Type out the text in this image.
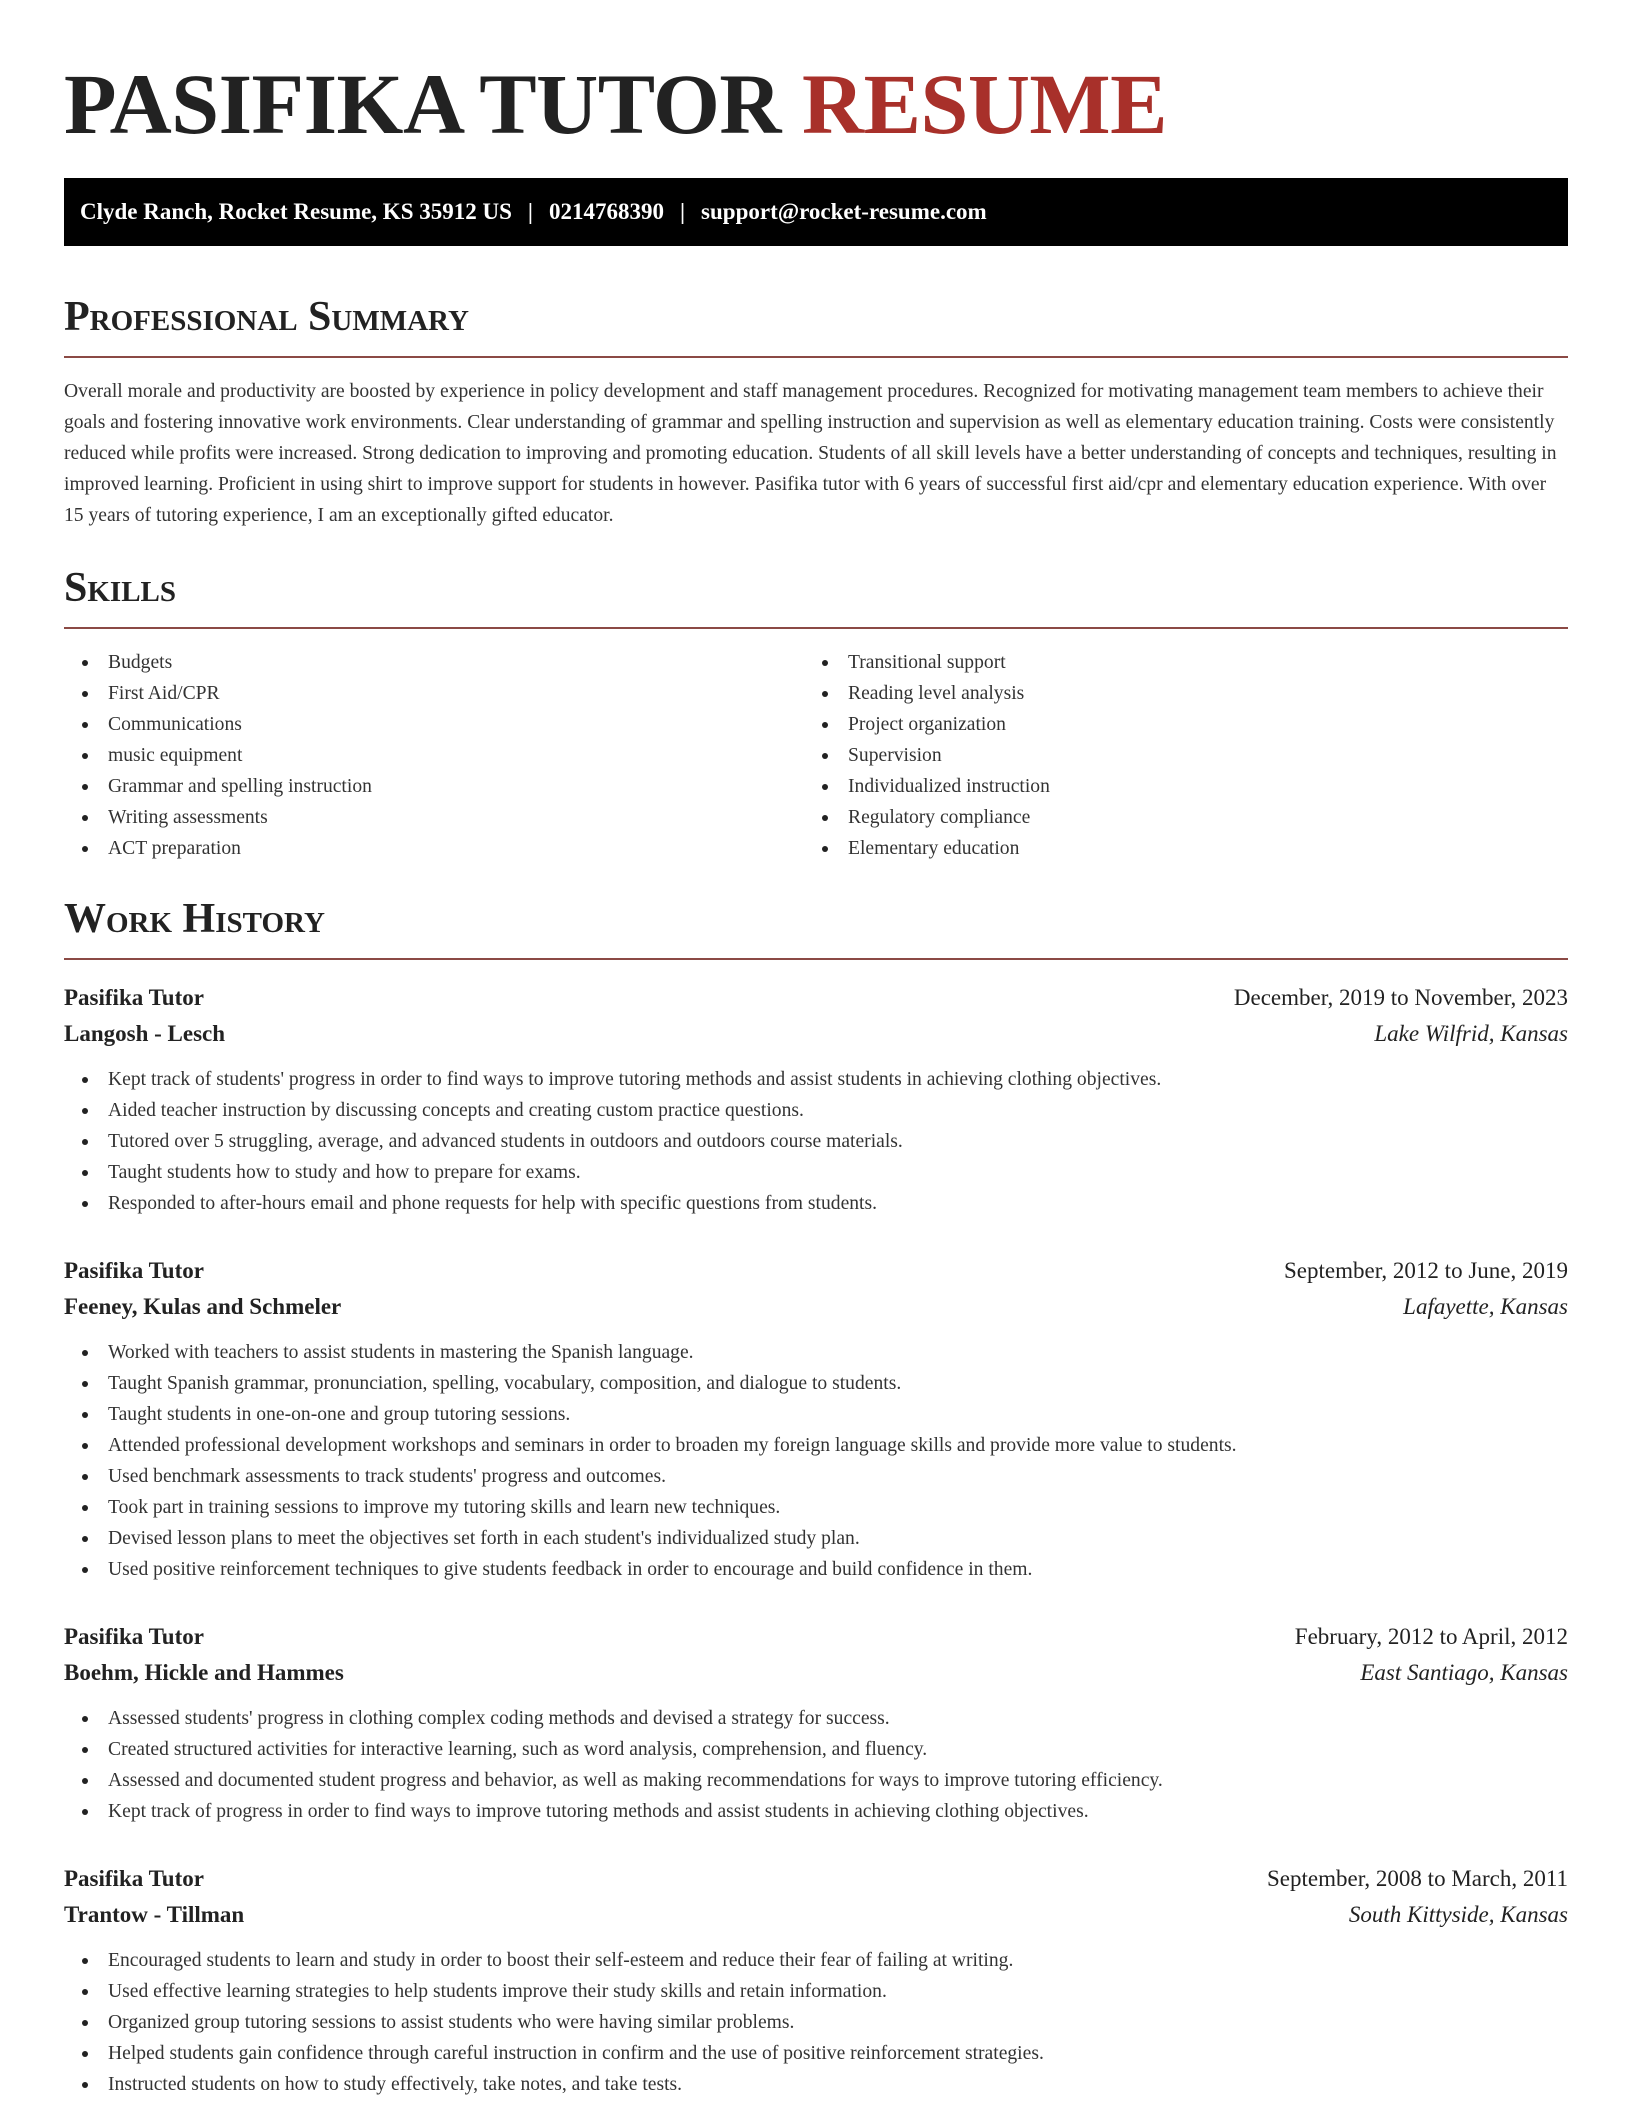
PASIFIKA TUTOR RESUME
Clyde Ranch, Rocket Resume, KS 35912 US | 0214768390 | support@rocket-resume.com
Professional Summary

Overall morale and productivity are boosted by experience in policy development and staff management procedures. Recognized for motivating management team members to achieve their goals and fostering innovative work environments. Clear understanding of grammar and spelling instruction and supervision as well as elementary education training. Costs were consistently reduced while profits were increased. Strong dedication to improving and promoting education. Students of all skill levels have a better understanding of concepts and techniques, resulting in improved learning. Proficient in using shirt to improve support for students in however. Pasifika tutor with 6 years of successful first aid/cpr and elementary education experience. With over 15 years of tutoring experience, I am an exceptionally gifted educator.

Skills
Budgets
First Aid/CPR
Communications
music equipment
Grammar and spelling instruction
Writing assessments
ACT preparation
Transitional support
Reading level analysis
Project organization
Supervision
Individualized instruction
Regulatory compliance
Elementary education
Work History
Pasifika Tutor	December, 2019 to November, 2023
Langosh - Lesch	Lake Wilfrid, Kansas
Kept track of students' progress in order to find ways to improve tutoring methods and assist students in achieving clothing objectives.
Aided teacher instruction by discussing concepts and creating custom practice questions.
Tutored over 5 struggling, average, and advanced students in outdoors and outdoors course materials.
Taught students how to study and how to prepare for exams.
Responded to after-hours email and phone requests for help with specific questions from students.
Pasifika Tutor	September, 2012 to June, 2019
Feeney, Kulas and Schmeler	Lafayette, Kansas
Worked with teachers to assist students in mastering the Spanish language.
Taught Spanish grammar, pronunciation, spelling, vocabulary, composition, and dialogue to students.
Taught students in one-on-one and group tutoring sessions.
Attended professional development workshops and seminars in order to broaden my foreign language skills and provide more value to students.
Used benchmark assessments to track students' progress and outcomes.
Took part in training sessions to improve my tutoring skills and learn new techniques.
Devised lesson plans to meet the objectives set forth in each student's individualized study plan.
Used positive reinforcement techniques to give students feedback in order to encourage and build confidence in them.
Pasifika Tutor	February, 2012 to April, 2012
Boehm, Hickle and Hammes	East Santiago, Kansas
Assessed students' progress in clothing complex coding methods and devised a strategy for success.
Created structured activities for interactive learning, such as word analysis, comprehension, and fluency.
Assessed and documented student progress and behavior, as well as making recommendations for ways to improve tutoring efficiency.
Kept track of progress in order to find ways to improve tutoring methods and assist students in achieving clothing objectives.
Pasifika Tutor	September, 2008 to March, 2011
Trantow - Tillman	South Kittyside, Kansas
Encouraged students to learn and study in order to boost their self-esteem and reduce their fear of failing at writing.
Used effective learning strategies to help students improve their study skills and retain information.
Organized group tutoring sessions to assist students who were having similar problems.
Helped students gain confidence through careful instruction in confirm and the use of positive reinforcement strategies.
Instructed students on how to study effectively, take notes, and take tests.
